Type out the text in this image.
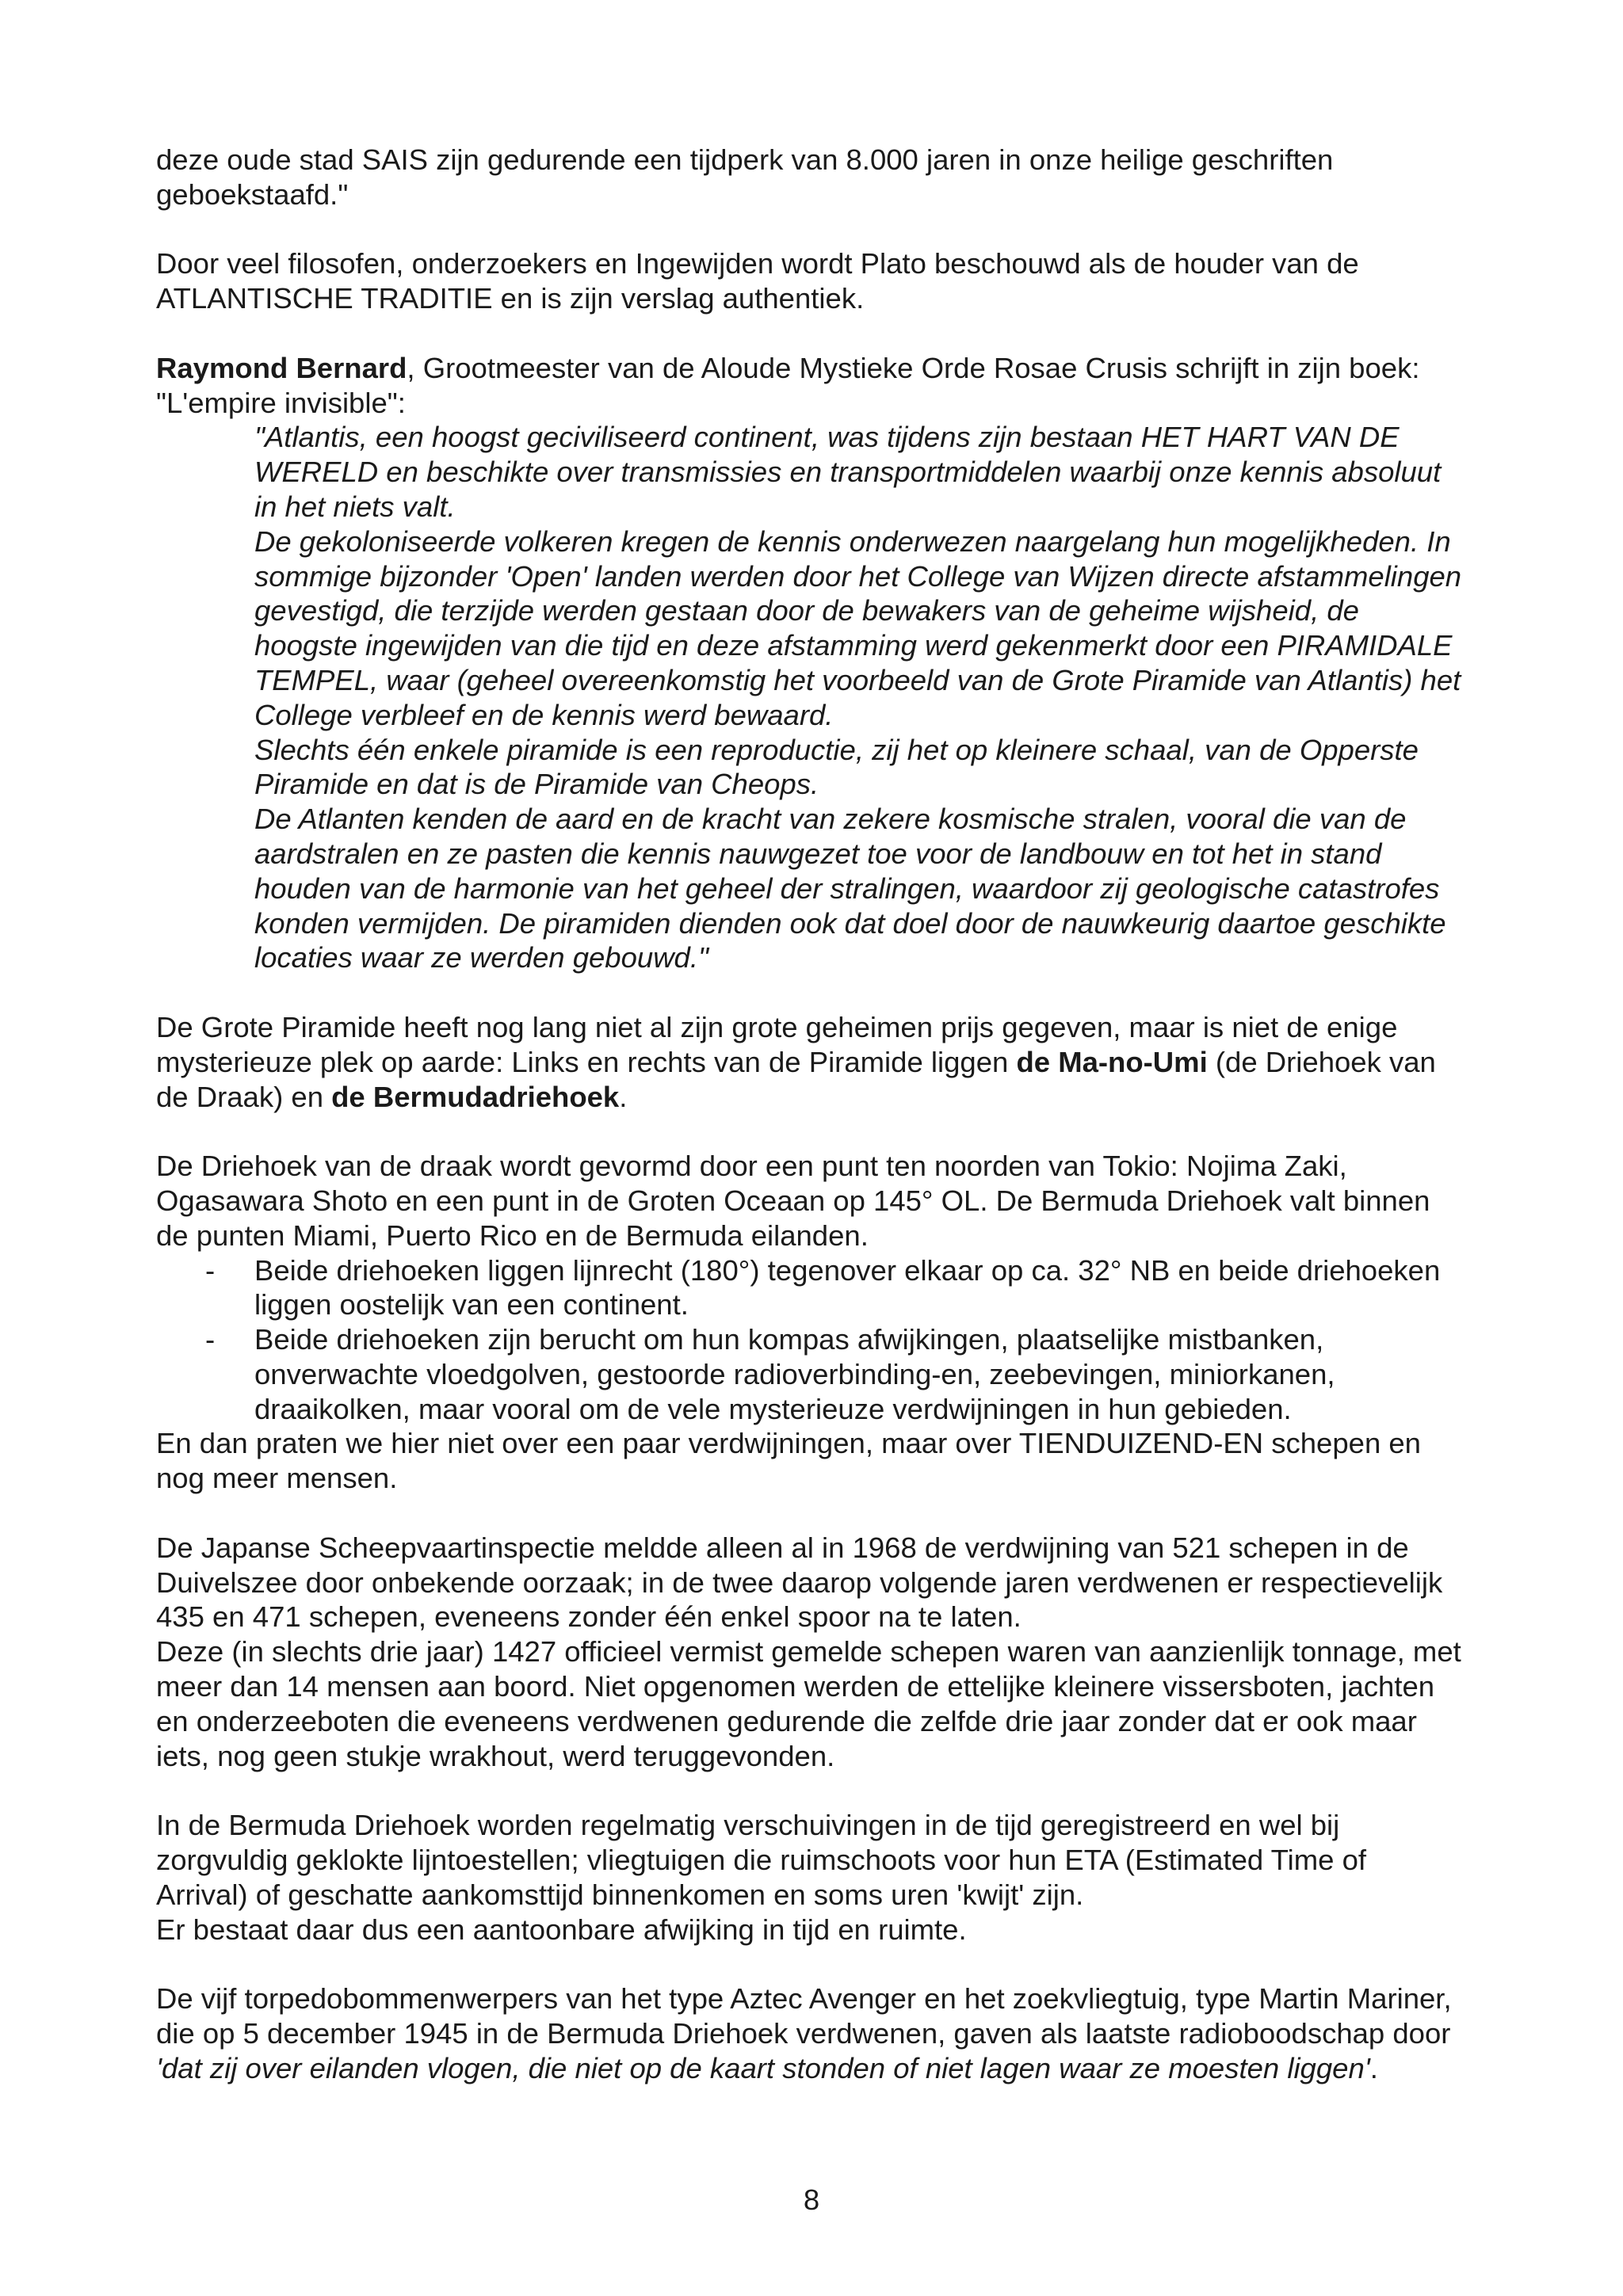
deze oude stad SAIS zijn gedurende een tijdperk van 8.000 jaren in onze heilige geschriften geboekstaafd."

Door veel filosofen, onderzoekers en Ingewijden wordt Plato beschouwd als de houder van de ATLANTISCHE TRADITIE en is zijn verslag authentiek.

Raymond Bernard, Grootmeester van de Aloude Mystieke Orde Rosae Crusis schrijft in zijn boek: "L'empire invisible":

"Atlantis, een hoogst geciviliseerd continent, was tijdens zijn bestaan HET HART VAN DE WERELD en beschikte over transmissies en transportmiddelen waarbij onze kennis absoluut in het niets valt.
De gekoloniseerde volkeren kregen de kennis onderwezen naargelang hun mogelijkheden. In sommige bijzonder 'Open' landen werden door het College van Wijzen directe afstammelingen gevestigd, die terzijde werden gestaan door de bewakers van de geheime wijsheid, de hoogste ingewijden van die tijd en deze afstamming werd gekenmerkt door een PIRAMIDALE TEMPEL, waar (geheel overeenkomstig het voorbeeld van de Grote Piramide van Atlantis) het College verbleef en de kennis werd bewaard.
Slechts één enkele piramide is een reproductie, zij het op kleinere schaal, van de Opperste Piramide en dat is de Piramide van Cheops.
De Atlanten kenden de aard en de kracht van zekere kosmische stralen, vooral die van de aardstralen en ze pasten die kennis nauwgezet toe voor de landbouw en tot het in stand houden van de harmonie van het geheel der stralingen, waardoor zij geologische catastrofes konden vermijden. De piramiden dienden ook dat doel door de nauwkeurig daartoe geschikte locaties waar ze werden gebouwd."

De Grote Piramide heeft nog lang niet al zijn grote geheimen prijs gegeven, maar is niet de enige mysterieuze plek op aarde: Links en rechts van de Piramide liggen de Ma-no-Umi (de Driehoek van de Draak) en de Bermudadriehoek.

De Driehoek van de draak wordt gevormd door een punt ten noorden van Tokio: Nojima Zaki, Ogasawara Shoto en een punt in de Groten Oceaan op 145° OL. De Bermuda Driehoek valt binnen de punten Miami, Puerto Rico en de Bermuda eilanden.

- Beide driehoeken liggen lijnrecht (180°) tegenover elkaar op ca. 32° NB en beide driehoeken liggen oostelijk van een continent.
- Beide driehoeken zijn berucht om hun kompas afwijkingen, plaatselijke mistbanken, onverwachte vloedgolven, gestoorde radioverbinding-en, zeebevingen, miniorkanen, draaikolken, maar vooral om de vele mysterieuze verdwijningen in hun gebieden.

En dan praten we hier niet over een paar verdwijningen, maar over TIENDUIZEND-EN schepen en nog meer mensen.

De Japanse Scheepvaartinspectie meldde alleen al in 1968 de verdwijning van 521 schepen in de Duivelszee door onbekende oorzaak; in de twee daarop volgende jaren verdwenen er respectievelijk 435 en 471 schepen, eveneens zonder één enkel spoor na te laten.
Deze (in slechts drie jaar) 1427 officieel vermist gemelde schepen waren van aanzienlijk tonnage, met meer dan 14 mensen aan boord. Niet opgenomen werden de ettelijke kleinere vissersboten, jachten en onderzeeboten die eveneens verdwenen gedurende die zelfde drie jaar zonder dat er ook maar iets, nog geen stukje wrakhout, werd teruggevonden.

In de Bermuda Driehoek worden regelmatig verschuivingen in de tijd geregistreerd en wel bij zorgvuldig geklokte lijntoestellen; vliegtuigen die ruimschoots voor hun ETA (Estimated Time of Arrival) of geschatte aankomsttijd binnenkomen en soms uren 'kwijt' zijn.
Er bestaat daar dus een aantoonbare afwijking in tijd en ruimte.

De vijf torpedobommenwerpers van het type Aztec Avenger en het zoekvliegtuig, type Martin Mariner, die op 5 december 1945 in de Bermuda Driehoek verdwenen, gaven als laatste radioboodschap door 'dat zij over eilanden vlogen, die niet op de kaart stonden of niet lagen waar ze moesten liggen'.

8
